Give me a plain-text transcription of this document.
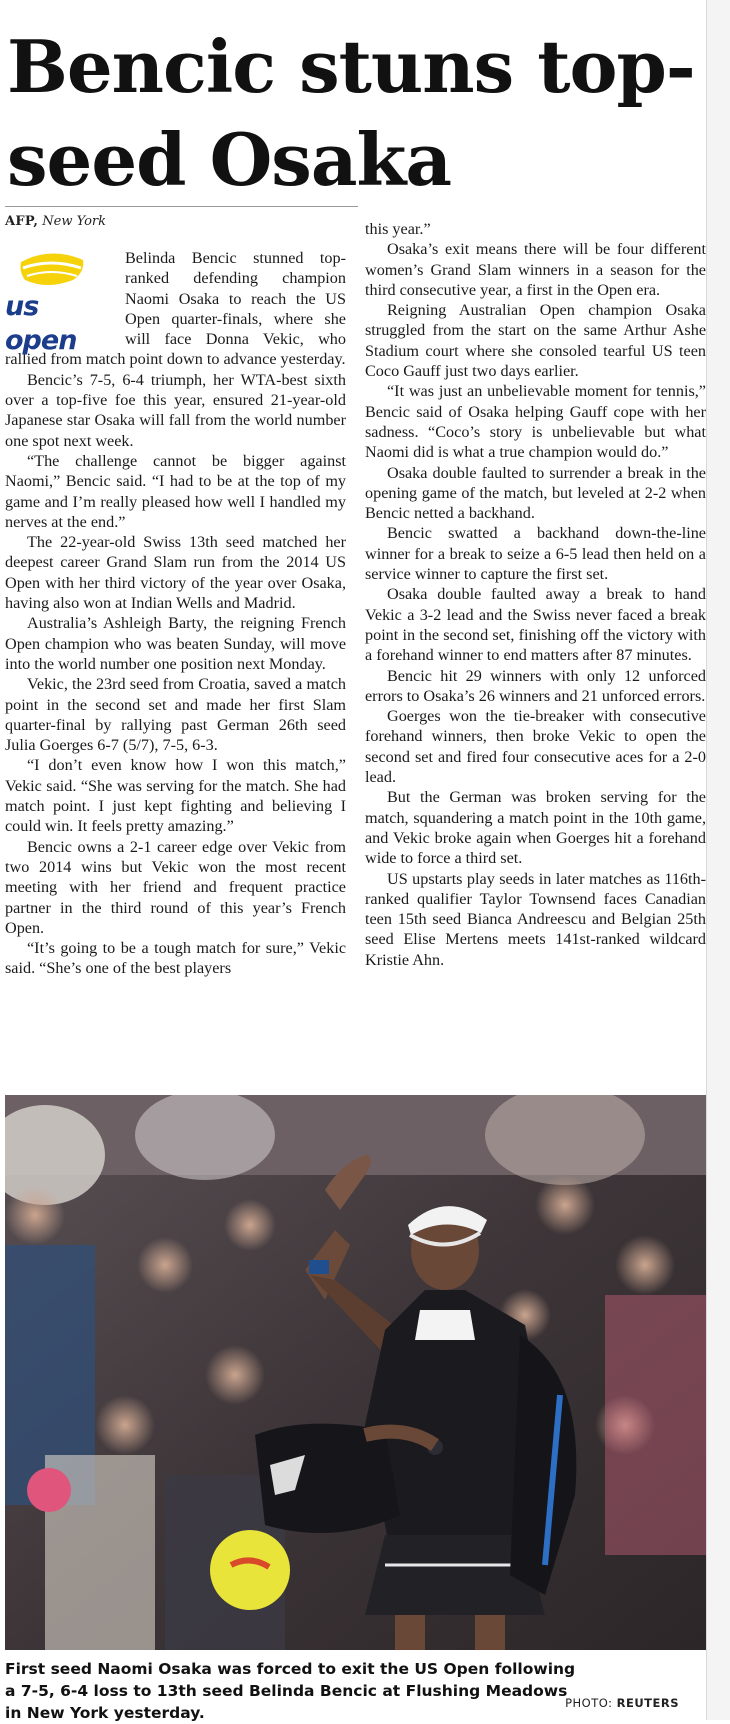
Bencic stuns top-seed Osaka
AFP, New York
us open

Belinda Bencic stunned top-ranked defending champion Naomi Osaka to reach the US Open quarter-finals, where she will face Donna Vekic, who rallied from match point down to advance yesterday.

Bencic’s 7-5, 6-4 triumph, her WTA-best sixth over a top-five foe this year, ensured 21-year-old Japanese star Osaka will fall from the world number one spot next week.

“The challenge cannot be bigger against Naomi,” Bencic said. “I had to be at the top of my game and I’m really pleased how well I handled my nerves at the end.”

The 22-year-old Swiss 13th seed matched her deepest career Grand Slam run from the 2014 US Open with her third victory of the year over Osaka, having also won at Indian Wells and Madrid.

Australia’s Ashleigh Barty, the reigning French Open champion who was beaten Sunday, will move into the world number one position next Monday.

Vekic, the 23rd seed from Croatia, saved a match point in the second set and made her first Slam quarter-final by rallying past German 26th seed Julia Goerges 6-7 (5/7), 7-5, 6-3.

“I don’t even know how I won this match,” Vekic said. “She was serving for the match. She had match point. I just kept fighting and believing I could win. It feels pretty amazing.”

Bencic owns a 2-1 career edge over Vekic from two 2014 wins but Vekic won the most recent meeting with her friend and frequent practice partner in the third round of this year’s French Open.

“It’s going to be a tough match for sure,” Vekic said. “She’s one of the best players

this year.”

Osaka’s exit means there will be four different women’s Grand Slam winners in a season for the third consecutive year, a first in the Open era.

Reigning Australian Open champion Osaka struggled from the start on the same Arthur Ashe Stadium court where she consoled tearful US teen Coco Gauff just two days earlier.

“It was just an unbelievable moment for tennis,” Bencic said of Osaka helping Gauff cope with her sadness. “Coco’s story is unbelievable but what Naomi did is what a true champion would do.”

Osaka double faulted to surrender a break in the opening game of the match, but leveled at 2-2 when Bencic netted a backhand.

Bencic swatted a backhand down-the-line winner for a break to seize a 6-5 lead then held on a service winner to capture the first set.

Osaka double faulted away a break to hand Vekic a 3-2 lead and the Swiss never faced a break point in the second set, finishing off the victory with a forehand winner to end matters after 87 minutes.

Bencic hit 29 winners with only 12 unforced errors to Osaka’s 26 winners and 21 unforced errors.

Goerges won the tie-breaker with consecutive forehand winners, then broke Vekic to open the second set and fired four consecutive aces for a 2-0 lead.

But the German was broken serving for the match, squandering a match point in the 10th game, and Vekic broke again when Goerges hit a forehand wide to force a third set.

US upstarts play seeds in later matches as 116th-ranked qualifier Taylor Townsend faces Canadian teen 15th seed Bianca Andreescu and Belgian 25th seed Elise Mertens meets 141st-ranked wildcard Kristie Ahn.

First seed Naomi Osaka was forced to exit the US Open following a 7-5, 6-4 loss to 13th seed Belinda Bencic at Flushing Meadows in New York yesterday.

PHOTO: REUTERS
